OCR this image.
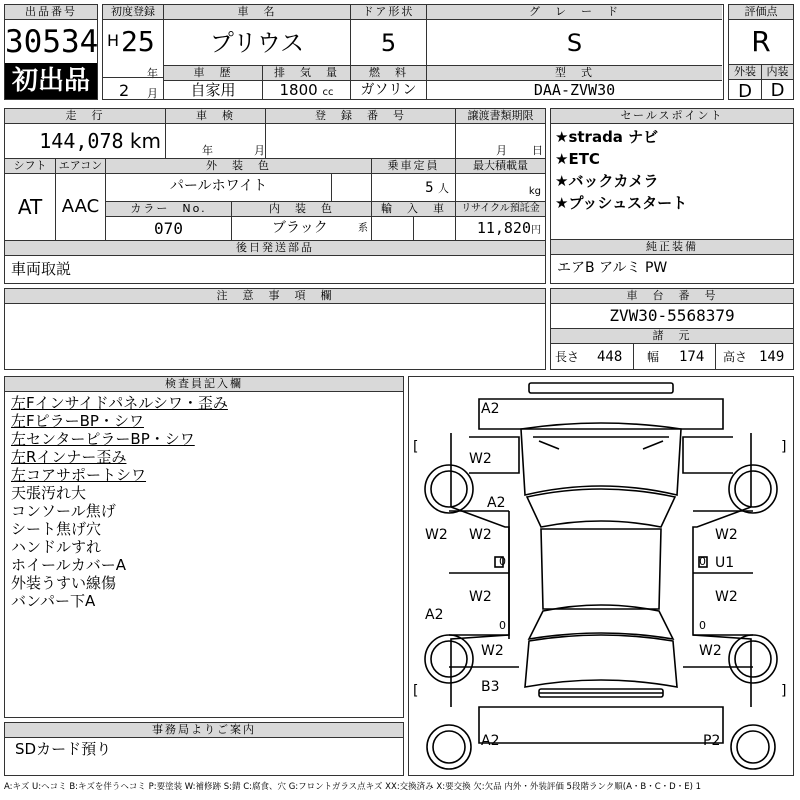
出品番号
30534
初出品
初度登録
H 25
年
2 月
車　名	ドア形状	グ　レ　ー　ド
プリウス	5	S
車　歴	排　気　量	燃　料	型　式
自家用	1800 cc	ガソリン	DAA-ZVW30
評価点
R
外装 内装
D	D
走　行	車　検	登　録　番　号	譲渡書類期限
144,078 km	年	月	月 日
シフト	エアコン
AT	AAC
外　装　色	乗車定員	最大積載量
パールホワイト	5 人	kg
カラー　No.	内　装　色	輸　入　車	リサイクル預託金
070	ブラック	系	11,820円
後日発送部品
車両取説
セールスポイント
★strada ナビ
★ETC
★バックカメラ
★プッシュスタート
純正装備
エアB アルミ PW
注　意　事　項　欄	車　台　番　号
ZVW30-5568379
諸　元
長さ 448 幅 174 高さ 149
検査員記入欄
左Fインサイドパネルシワ・歪み
左FピラーBP・シワ
左センターピラーBP・シワ
左Rインナー歪み
左コアサポートシワ
天張汚れ大
コンソール焦げ
シート焦げ穴
ハンドルすれ
ホイールカバーA
外装うすい線傷
バンパー下A
事務局よりご案内
SDカード預り
A2
A2
W2
W2 W2
0
W2
0
A2
W2
B3
A2	P2
W2
0 U1
W2
0
W2
[	]
[	]
A:キズ U:ヘコミ B:キズを伴うヘコミ P:要塗装 W:補修跡 S:錆 C:腐食、穴 G:フロントガラス点キズ XX:交換済み X:要交換 欠:欠品 内外・外装評価 5段階ランク順(A・B・C・D・E) 1
